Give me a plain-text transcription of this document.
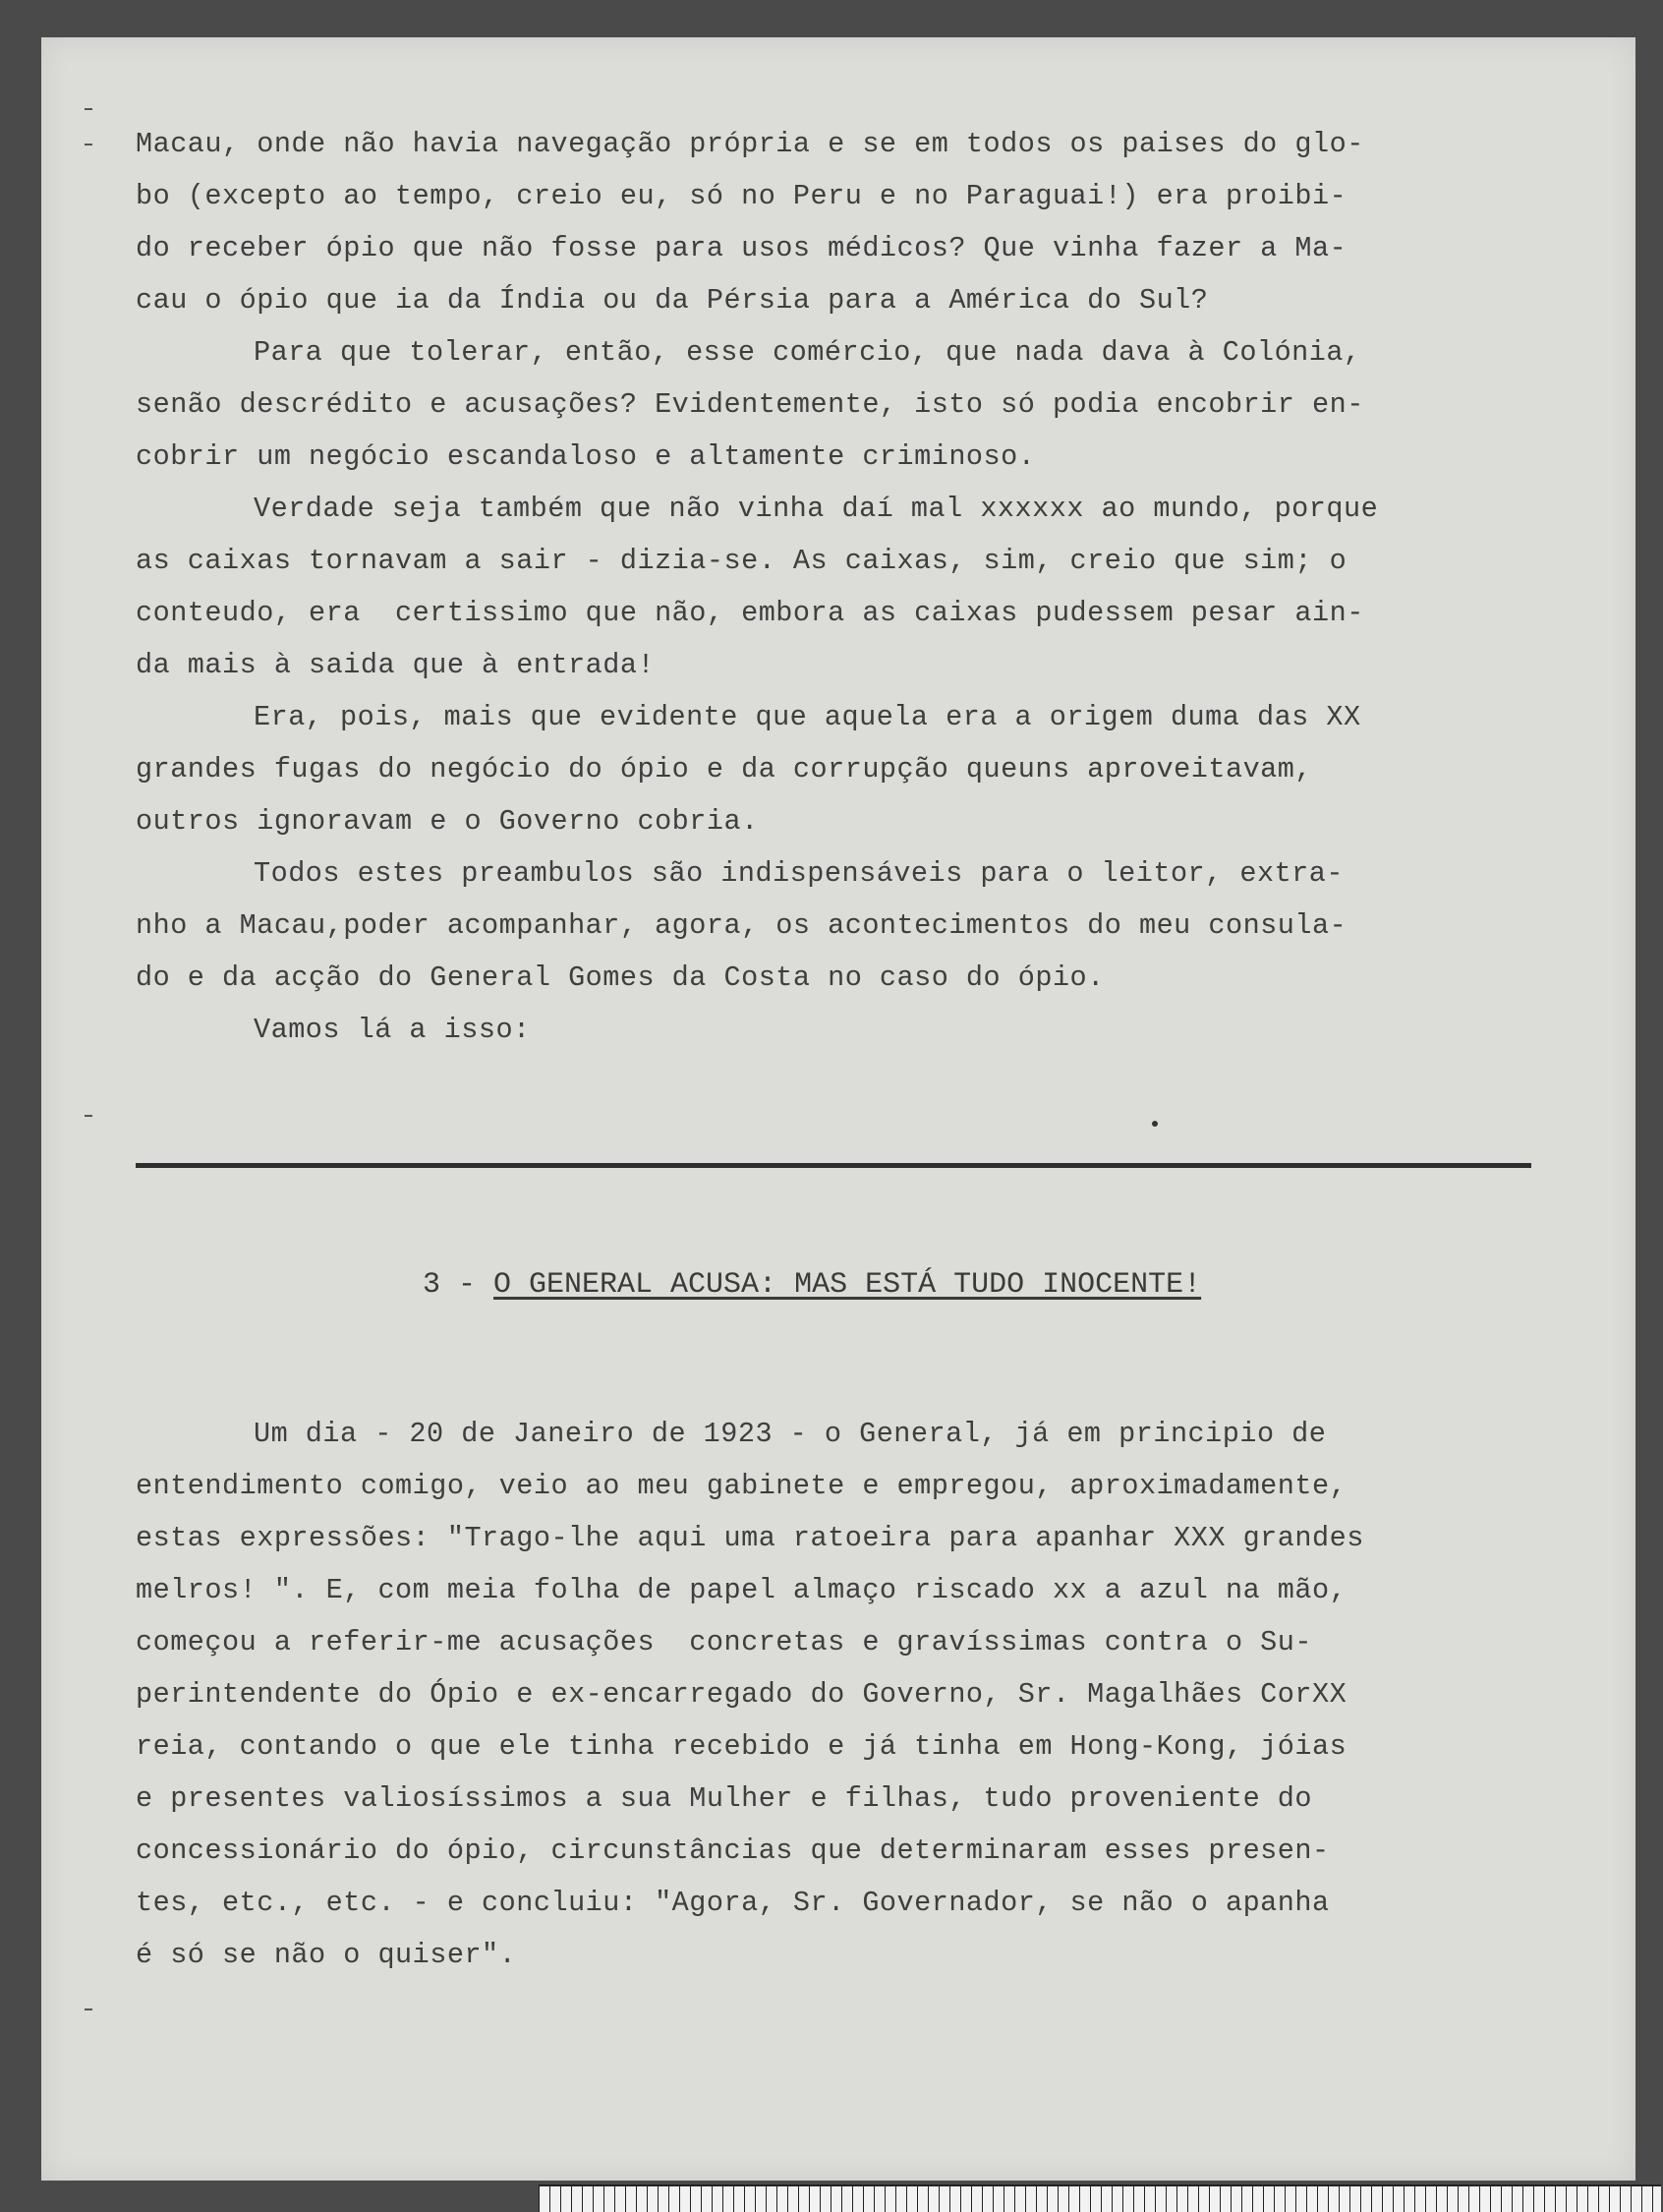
Macau, onde não havia navegação própria e se em todos os paises do glo-
bo (excepto ao tempo, creio eu, só no Peru e no Paraguai!) era proibi-
do receber ópio que não fosse para usos médicos? Que vinha fazer a Ma-
cau o ópio que ia da Índia ou da Pérsia para a América do Sul?
Para que tolerar, então, esse comércio, que nada dava à Colónia,
senão descrédito e acusações? Evidentemente, isto só podia encobrir en-
cobrir um negócio escandaloso e altamente criminoso.
Verdade seja também que não vinha daí mal xxxxxx ao mundo, porque
as caixas tornavam a sair - dizia-se. As caixas, sim, creio que sim; o
conteudo, era  certissimo que não, embora as caixas pudessem pesar ain-
da mais à saida que à entrada!
Era, pois, mais que evidente que aquela era a origem duma das XX
grandes fugas do negócio do ópio e da corrupção queuns aproveitavam,
outros ignoravam e o Governo cobria.
Todos estes preambulos são indispensáveis para o leitor, extra-
nho a Macau,poder acompanhar, agora, os acontecimentos do meu consula-
do e da acção do General Gomes da Costa no caso do ópio.
Vamos lá a isso:
3 - O GENERAL ACUSA: MAS ESTÁ TUDO INOCENTE!
Um dia - 20 de Janeiro de 1923 - o General, já em principio de
entendimento comigo, veio ao meu gabinete e empregou, aproximadamente,
estas expressões: "Trago-lhe aqui uma ratoeira para apanhar XXX grandes
melros! ". E, com meia folha de papel almaço riscado xx a azul na mão,
começou a referir-me acusações  concretas e gravíssimas contra o Su-
perintendente do Ópio e ex-encarregado do Governo, Sr. Magalhães CorXX
reia, contando o que ele tinha recebido e já tinha em Hong-Kong, jóias
e presentes valiosíssimos a sua Mulher e filhas, tudo proveniente do
concessionário do ópio, circunstâncias que determinaram esses presen-
tes, etc., etc. - e concluiu: "Agora, Sr. Governador, se não o apanha
é só se não o quiser".
